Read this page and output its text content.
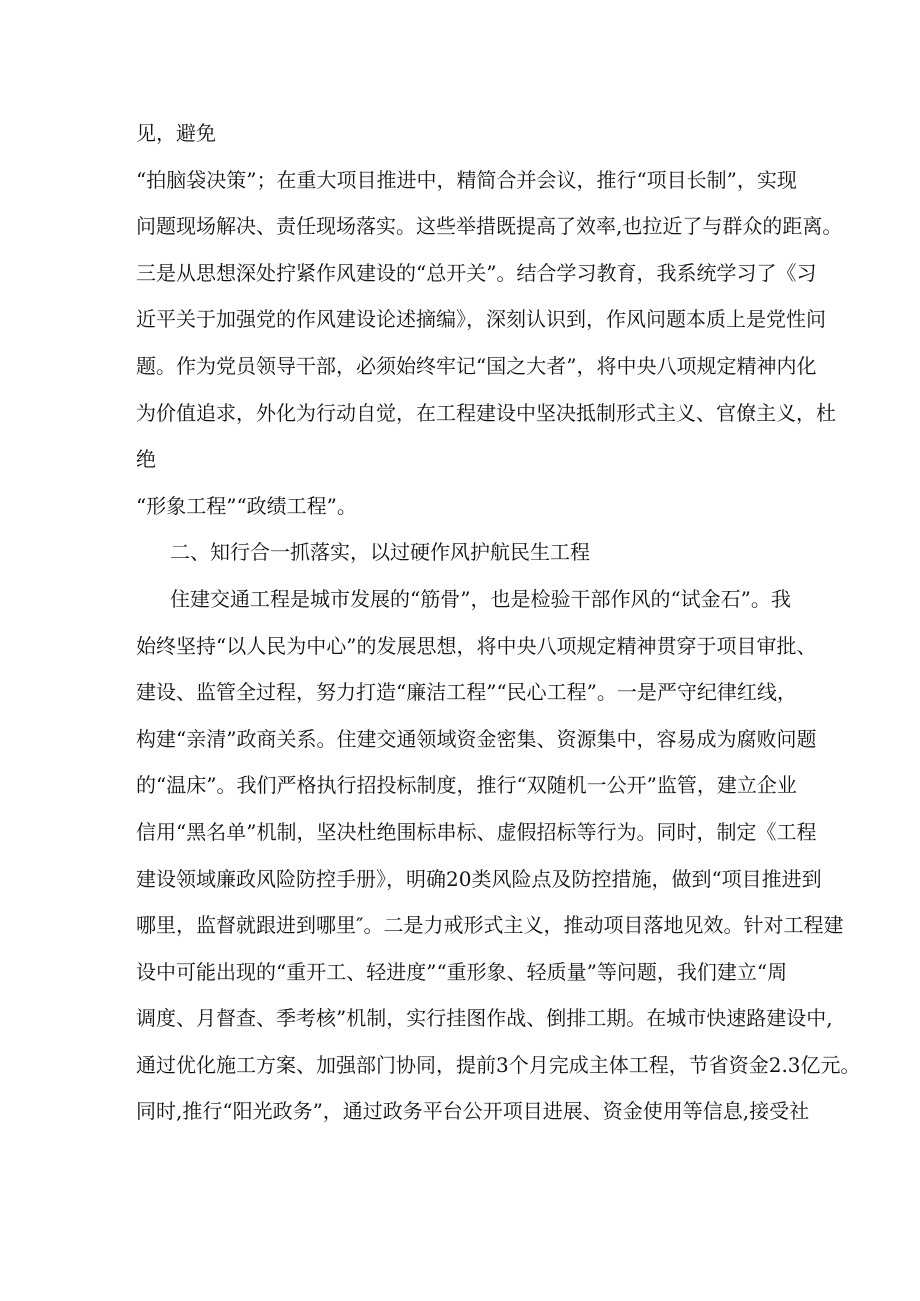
见，避免
“拍脑袋决策”；在重大项目推进中，精简合并会议，推行“项目长制”，实现
问题现场解决、责任现场落实。这些举措既提高了效率,也拉近了与群众的距离。
三是从思想深处拧紧作风建设的“总开关”。结合学习教育，我系统学习了《习
近平关于加强党的作风建设论述摘编》，深刻认识到，作风问题本质上是党性问
题。作为党员领导干部，必须始终牢记“国之大者”，将中央八项规定精神内化
为价值追求，外化为行动自觉，在工程建设中坚决抵制形式主义、官僚主义，杜
绝
“形象工程”“政绩工程”。
二、知行合一抓落实，以过硬作风护航民生工程
住建交通工程是城市发展的“筋骨”，也是检验干部作风的“试金石”。我
始终坚持“以人民为中心”的发展思想，将中央八项规定精神贯穿于项目审批、
建设、监管全过程，努力打造“廉洁工程”“民心工程”。一是严守纪律红线，
构建“亲清”政商关系。住建交通领域资金密集、资源集中，容易成为腐败问题
的“温床”。我们严格执行招投标制度，推行“双随机一公开”监管，建立企业
信用“黑名单”机制，坚决杜绝围标串标、虚假招标等行为。同时，制定《工程
建设领域廉政风险防控手册》，明确20类风险点及防控措施，做到“项目推进到
哪里，监督就跟进到哪里″。二是力戒形式主义，推动项目落地见效。针对工程建
设中可能出现的“重开工、轻进度”“重形象、轻质量”等问题，我们建立“周
调度、月督查、季考核”机制，实行挂图作战、倒排工期。在城市快速路建设中,
通过优化施工方案、加强部门协同，提前3个月完成主体工程，节省资金2.3亿元。
同时,推行“阳光政务”，通过政务平台公开项目进展、资金使用等信息,接受社
